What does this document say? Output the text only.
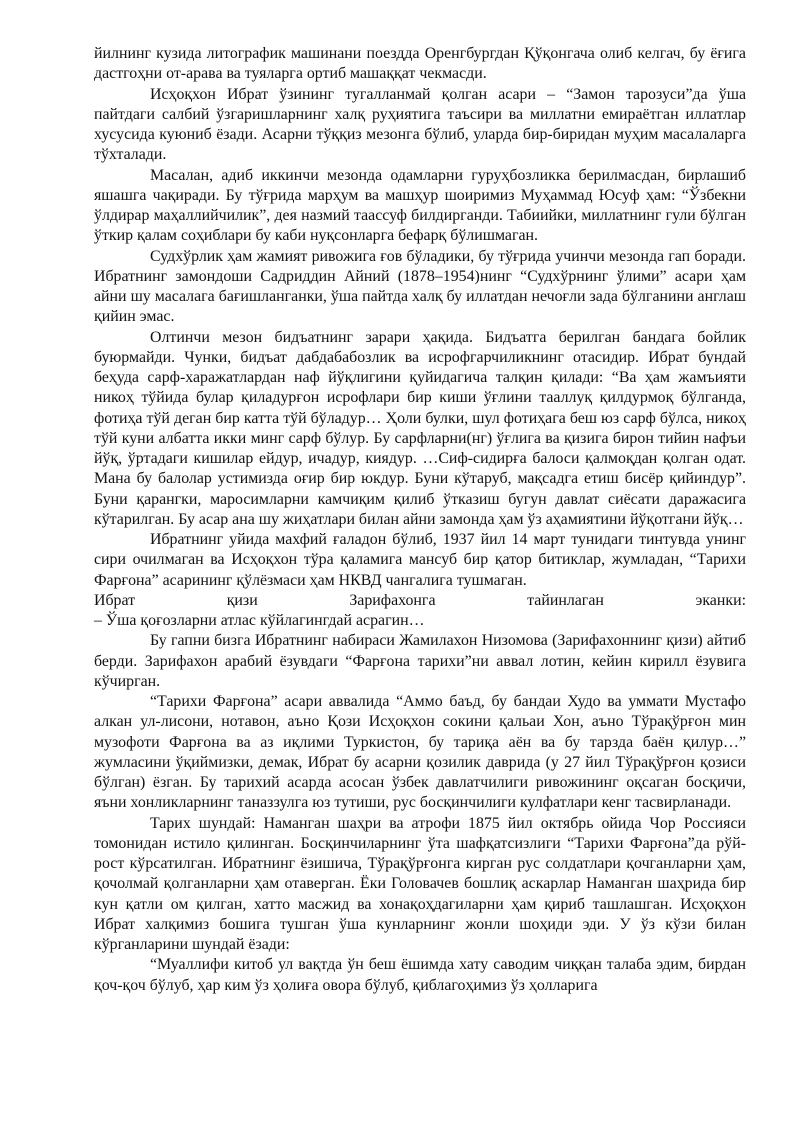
йилнинг кузида литографик машинани поездда Оренгбургдан Қўқонгача олиб келгач, бу ёғига дастгоҳни от-арава ва туяларга ортиб машаққат чекмасди.

Исҳоқхон Ибрат ўзининг тугалланмай қолган асари – “Замон тарозуси”да ўша пайтдаги салбий ўзгаришларнинг халқ руҳиятига таъсири ва миллатни емираётган иллатлар хусусида куюниб ёзади. Асарни тўққиз мезонга бўлиб, уларда бир-биридан муҳим масалаларга тўхталади.

Масалан, адиб иккинчи мезонда одамларни гуруҳбозликка берилмасдан, бирлашиб яшашга чақиради. Бу тўғрида марҳум ва машҳур шоиримиз Муҳаммад Юсуф ҳам: “Ўзбекни ўлдирар маҳаллийчилик”, дея назмий таассуф билдирганди. Табиийки, миллатнинг гули бўлган ўткир қалам соҳиблари бу каби нуқсонларга бефарқ бўлишмаган.

Судхўрлик ҳам жамият ривожига ғов бўладики, бу тўғрида учинчи мезонда гап боради. Ибратнинг замондоши Садриддин Айний (1878–1954)нинг “Судхўрнинг ўлими” асари ҳам айни шу масалага бағишланганки, ўша пайтда халқ бу иллатдан нечоғли зада бўлганини англаш қийин эмас.

Олтинчи мезон бидъатнинг зарари ҳақида. Бидъатга берилган бандага бойлик буюрмайди. Чунки, бидъат дабдабабозлик ва исрофгарчиликнинг отасидир. Ибрат бундай беҳуда сарф-харажатлардан наф йўқлигини қуйидагича талқин қилади: “Ва ҳам жамъияти никоҳ тўйида булар қиладурғон исрофлари бир киши ўғлини тааллуқ қилдурмоқ бўлганда, фотиҳа тўй деган бир катта тўй бўладур… Ҳоли булки, шул фотиҳага беш юз сарф бўлса, никоҳ тўй куни албатта икки минг сарф бўлур. Бу сарфларни(нг) ўғлига ва қизига бирон тийин нафъи йўқ, ўртадаги кишилар ейдур, ичадур, киядур. …Сиф-сидирға балоси қалмоқдан қолган одат. Мана бу балолар устимизда оғир бир юкдур. Буни кўтаруб, мақсадга етиш бисёр қийиндур”. Буни қарангки, маросимларни камчиқим қилиб ўтказиш бугун давлат сиёсати даражасига кўтарилган. Бу асар ана шу жиҳатлари билан айни замонда ҳам ўз аҳамиятини йўқотгани йўқ…

Ибратнинг уйида махфий ғаладон бўлиб, 1937 йил 14 март тунидаги тинтувда унинг сири очилмаган ва Исҳоқхон тўра қаламига мансуб бир қатор битиклар, жумладан, “Тарихи Фарғона” асарининг қўлёзмаси ҳам НКВД чангалига тушмаган.

Ибрат	қизи	Зарифахонга	тайинлаган	эканки:

– Ўша қоғозларни атлас кўйлагингдай асрагин…

Бу гапни бизга Ибратнинг набираси Жамилахон Низомова (Зарифахоннинг қизи) айтиб берди. Зарифахон арабий ёзувдаги “Фарғона тарихи”ни аввал лотин, кейин кирилл ёзувига кўчирган.

“Тарихи Фарғона” асари аввалида “Аммо баъд, бу бандаи Худо ва уммати Мустафо алкан ул-лисони, нотавон, аъно Қози Исҳоқхон сокини қальаи Хон, аъно Тўрақўрғон мин музофоти Фарғона ва аз иқлими Туркистон, бу тариқа аён ва бу тарзда баён қилур…” жумласини ўқиймизки, демак, Ибрат бу асарни қозилик даврида (у 27 йил Тўрақўрғон қозиси бўлган) ёзган. Бу тарихий асарда асосан ўзбек давлатчилиги ривожининг оқсаган босқичи, яъни хонликларнинг таназзулга юз тутиши, рус босқинчилиги кулфатлари кенг тасвирланади.

Тарих шундай: Наманган шаҳри ва атрофи 1875 йил октябрь ойида Чор Россияси томонидан истило қилинган. Босқинчиларнинг ўта шафқатсизлиги “Тарихи Фарғона”да рўй-рост кўрсатилган. Ибратнинг ёзишича, Тўрақўрғонга кирган рус солдатлари қочганларни ҳам, қочолмай қолганларни ҳам отаверган. Ёки Головачев бошлиқ аскарлар Наманган шаҳрида бир кун қатли ом қилган, хатто масжид ва хонақоҳдагиларни ҳам қириб ташлашган. Исҳоқхон Ибрат халқимиз бошига тушган ўша кунларнинг жонли шоҳиди эди. У ўз кўзи билан кўрганларини шундай ёзади:

“Муаллифи китоб ул вақтда ўн беш ёшимда хату саводим чиққан талаба эдим, бирдан қоч-қоч бўлуб, ҳар ким ўз ҳолиға овора бўлуб, қиблагоҳимиз ўз ҳолларига
